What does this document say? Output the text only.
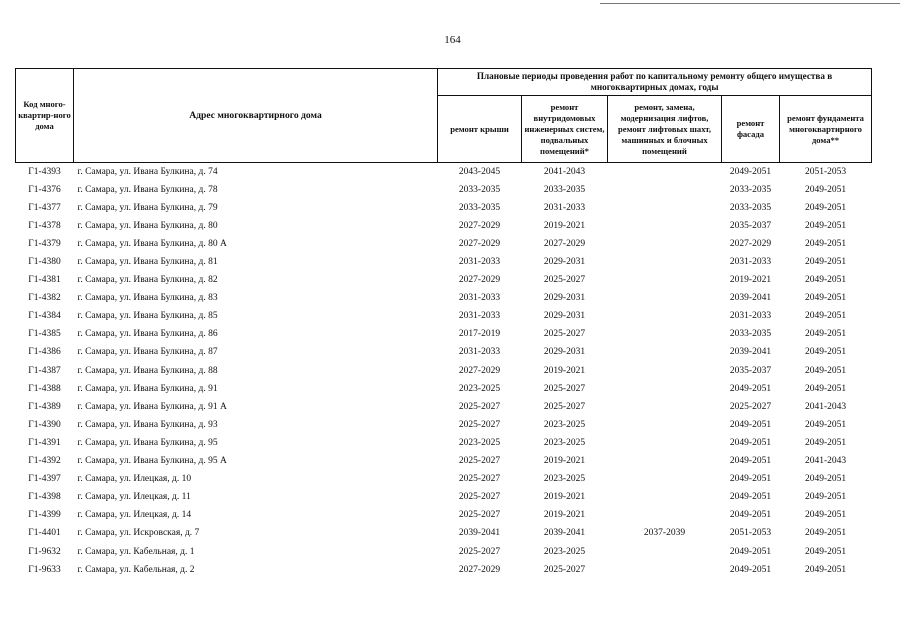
164
Код много-квартир-ного дома	Адрес многоквартирного дома	Плановые периоды проведения работ по капитальному ремонту общего имущества в многоквартирных домах, годы				
		ремонт крыши	ремонт внутридомовых инженерных систем, подвальных помещений*	ремонт, замена, модернизация лифтов, ремонт лифтовых шахт, машинных и блочных помещений	ремонт фасада	ремонт фундамента многоквартирного дома**
Г1-4393	г. Самара, ул. Ивана Булкина, д. 74	2043-2045	2041-2043		2049-2051	2051-2053
Г1-4376	г. Самара, ул. Ивана Булкина, д. 78	2033-2035	2033-2035		2033-2035	2049-2051
Г1-4377	г. Самара, ул. Ивана Булкина, д. 79	2033-2035	2031-2033		2033-2035	2049-2051
Г1-4378	г. Самара, ул. Ивана Булкина, д. 80	2027-2029	2019-2021		2035-2037	2049-2051
Г1-4379	г. Самара, ул. Ивана Булкина, д. 80 А	2027-2029	2027-2029		2027-2029	2049-2051
Г1-4380	г. Самара, ул. Ивана Булкина, д. 81	2031-2033	2029-2031		2031-2033	2049-2051
Г1-4381	г. Самара, ул. Ивана Булкина, д. 82	2027-2029	2025-2027		2019-2021	2049-2051
Г1-4382	г. Самара, ул. Ивана Булкина, д. 83	2031-2033	2029-2031		2039-2041	2049-2051
Г1-4384	г. Самара, ул. Ивана Булкина, д. 85	2031-2033	2029-2031		2031-2033	2049-2051
Г1-4385	г. Самара, ул. Ивана Булкина, д. 86	2017-2019	2025-2027		2033-2035	2049-2051
Г1-4386	г. Самара, ул. Ивана Булкина, д. 87	2031-2033	2029-2031		2039-2041	2049-2051
Г1-4387	г. Самара, ул. Ивана Булкина, д. 88	2027-2029	2019-2021		2035-2037	2049-2051
Г1-4388	г. Самара, ул. Ивана Булкина, д. 91	2023-2025	2025-2027		2049-2051	2049-2051
Г1-4389	г. Самара, ул. Ивана Булкина, д. 91 А	2025-2027	2025-2027		2025-2027	2041-2043
Г1-4390	г. Самара, ул. Ивана Булкина, д. 93	2025-2027	2023-2025		2049-2051	2049-2051
Г1-4391	г. Самара, ул. Ивана Булкина, д. 95	2023-2025	2023-2025		2049-2051	2049-2051
Г1-4392	г. Самара, ул. Ивана Булкина, д. 95 А	2025-2027	2019-2021		2049-2051	2041-2043
Г1-4397	г. Самара, ул. Илецкая, д. 10	2025-2027	2023-2025		2049-2051	2049-2051
Г1-4398	г. Самара, ул. Илецкая, д. 11	2025-2027	2019-2021		2049-2051	2049-2051
Г1-4399	г. Самара, ул. Илецкая, д. 14	2025-2027	2019-2021		2049-2051	2049-2051
Г1-4401	г. Самара, ул. Искровская, д. 7	2039-2041	2039-2041	2037-2039	2051-2053	2049-2051
Г1-9632	г. Самара, ул. Кабельная, д. 1	2025-2027	2023-2025		2049-2051	2049-2051
Г1-9633	г. Самара, ул. Кабельная, д. 2	2027-2029	2025-2027		2049-2051	2049-2051
